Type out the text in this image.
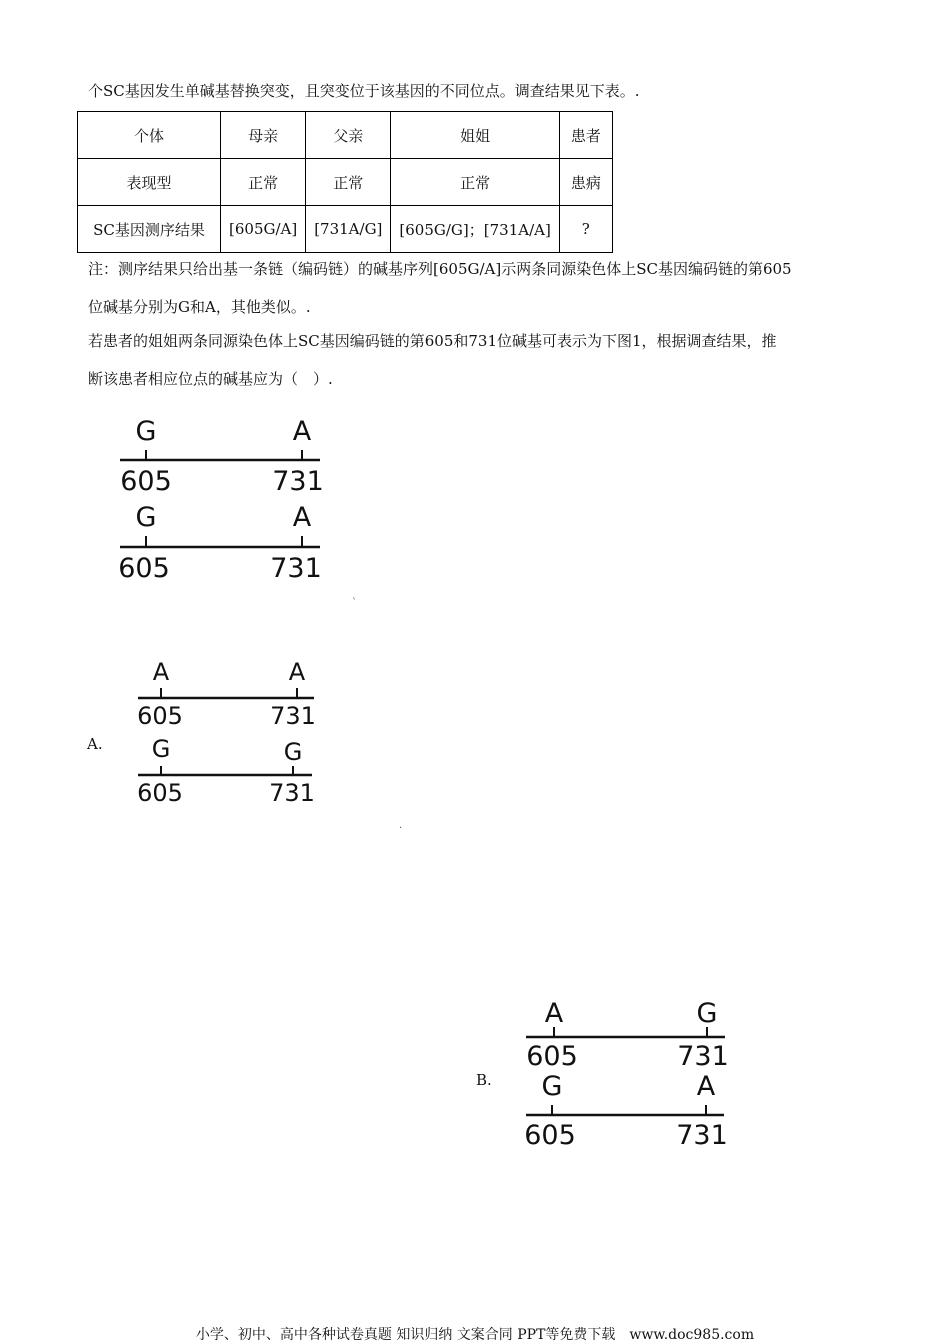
个SC基因发生单碱基替换突变，且突变位于该基因的不同位点。调查结果见下表。.
个体	母亲	父亲	姐姐	患者
表现型	正常	正常	正常	患病
SC基因测序结果	[605G/A]	[731A/G]	[605G/G]；[731A/A]	?
注：测序结果只给出基一条链（编码链）的碱基序列[605G/A]示两条同源染色体上SC基因编码链的第605
位碱基分别为G和A，其他类似。.
若患者的姐姐两条同源染色体上SC基因编码链的第605和731位碱基可表示为下图1，根据调查结果，推
断该患者相应位点的碱基应为（　）.
G	A
605	731
G	A
605	731
`
A.
A	A
605	731
G	G
605	731
.
B.
A	G
605	731
G	A
605	731
小学、初中、高中各种试卷真题 知识归纳 文案合同 PPT等免费下载　www.doc985.com
